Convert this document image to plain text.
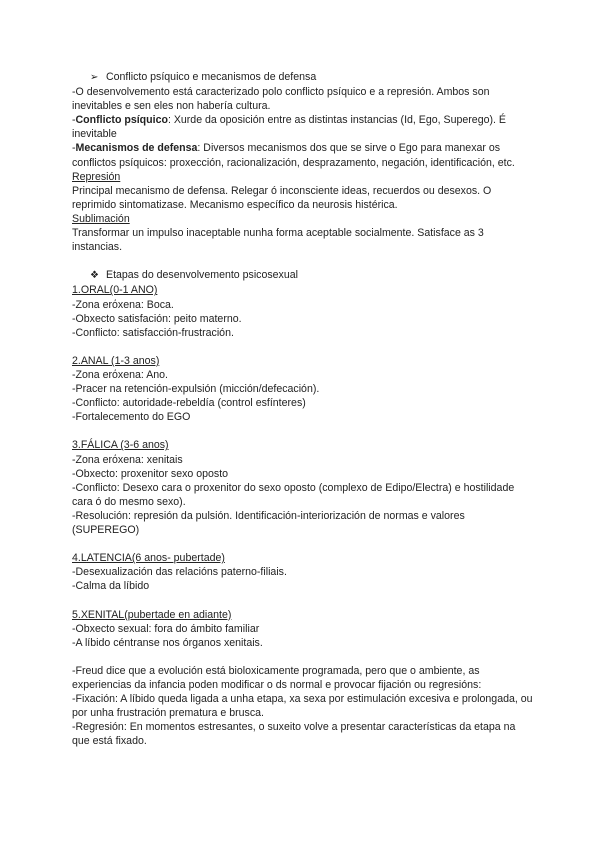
➢ Conflicto psíquico e mecanismos de defensa

-O desenvolvemento está caracterizado polo conflicto psíquico e a represión. Ambos son inevitables e sen eles non habería cultura.

-Conflicto psíquico: Xurde da oposición entre as distintas instancias (Id, Ego, Superego). É inevitable

-Mecanismos de defensa: Diversos mecanismos dos que se sirve o Ego para manexar os conflictos psíquicos: proxección, racionalización, desprazamento, negación, identificación, etc.

Represión

Principal mecanismo de defensa. Relegar ó inconsciente ideas, recuerdos ou desexos. O reprimido sintomatizase. Mecanismo específico da neurosis histérica.

Sublimación

Transformar un impulso inaceptable nunha forma aceptable socialmente. Satisface as 3 instancias.

❖ Etapas do desenvolvemento psicosexual

1.ORAL(0-1 ANO)

-Zona erόxena: Boca.

-Obxecto satisfación: peito materno.

-Conflicto: satisfacción-frustración.

2.ANAL (1-3 anos)

-Zona erόxena: Ano.

-Pracer na retención-expulsión (micción/defecación).

-Conflicto: autoridade-rebeldía (control esfínteres)

-Fortalecemento do EGO

3.FÁLICA (3-6 anos)

-Zona erόxena: xenitais

-Obxecto: proxenitor sexo oposto

-Conflicto: Desexo cara o proxenitor do sexo oposto (complexo de Edipo/Electra) e hostilidade cara ó do mesmo sexo).

-Resolución: represión da pulsión. Identificación-interiorización de normas e valores (SUPEREGO)

4.LATENCIA(6 anos- pubertade)

-Desexualización das relacións paterno-filiais.

-Calma da líbido

5.XENITAL(pubertade en adiante)

-Obxecto sexual: fora do ámbito familiar

-A líbido céntranse nos órganos xenitais.

-Freud dice que a evolución está bioloxicamente programada, pero que o ambiente, as experiencias da infancia poden modificar o ds normal e provocar fijación ou regresións:

-Fixación: A líbido queda ligada a unha etapa, xa sexa por estimulación excesiva e prolongada, ou por unha frustración prematura e brusca.

-Regresión: En momentos estresantes, o suxeito volve a presentar características da etapa na que está fixado.
